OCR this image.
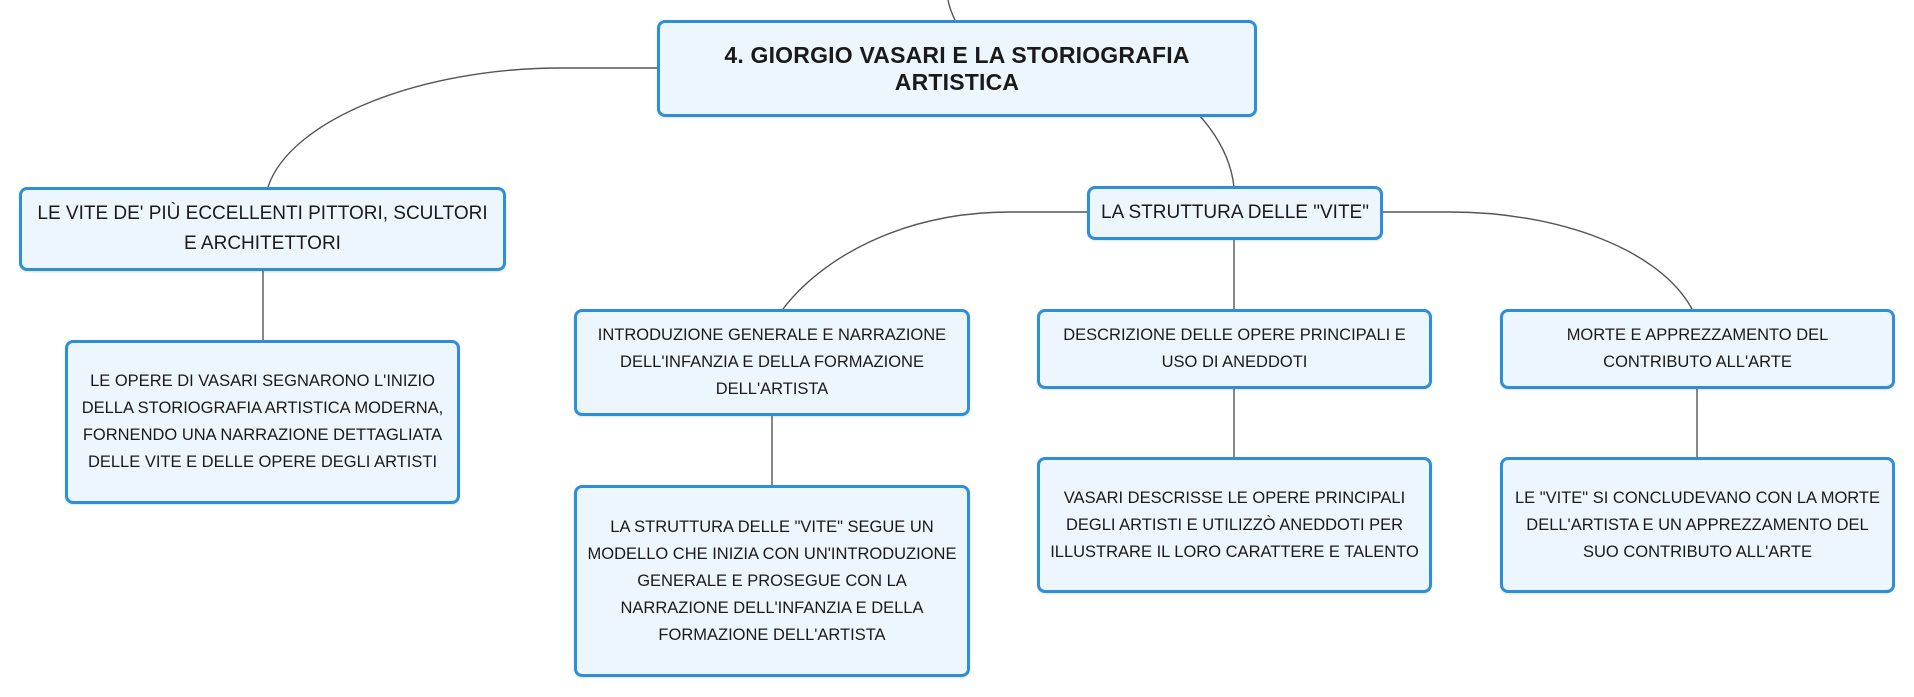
4. GIORGIO VASARI E LA STORIOGRAFIA ARTISTICA
LE VITE DE' PIÙ ECCELLENTI PITTORI, SCULTORI E ARCHITETTORI
LE OPERE DI VASARI SEGNARONO L'INIZIO DELLA STORIOGRAFIA ARTISTICA MODERNA, FORNENDO UNA NARRAZIONE DETTAGLIATA DELLE VITE E DELLE OPERE DEGLI ARTISTI
LA STRUTTURA DELLE "VITE"
INTRODUZIONE GENERALE E NARRAZIONE DELL'INFANZIA E DELLA FORMAZIONE DELL'ARTISTA
LA STRUTTURA DELLE "VITE" SEGUE UN MODELLO CHE INIZIA CON UN'INTRODUZIONE GENERALE E PROSEGUE CON LA NARRAZIONE DELL'INFANZIA E DELLA FORMAZIONE DELL'ARTISTA
DESCRIZIONE DELLE OPERE PRINCIPALI E USO DI ANEDDOTI
VASARI DESCRISSE LE OPERE PRINCIPALI DEGLI ARTISTI E UTILIZZÒ ANEDDOTI PER ILLUSTRARE IL LORO CARATTERE E TALENTO
MORTE E APPREZZAMENTO DEL CONTRIBUTO ALL'ARTE
LE "VITE" SI CONCLUDEVANO CON LA MORTE DELL'ARTISTA E UN APPREZZAMENTO DEL SUO CONTRIBUTO ALL'ARTE
